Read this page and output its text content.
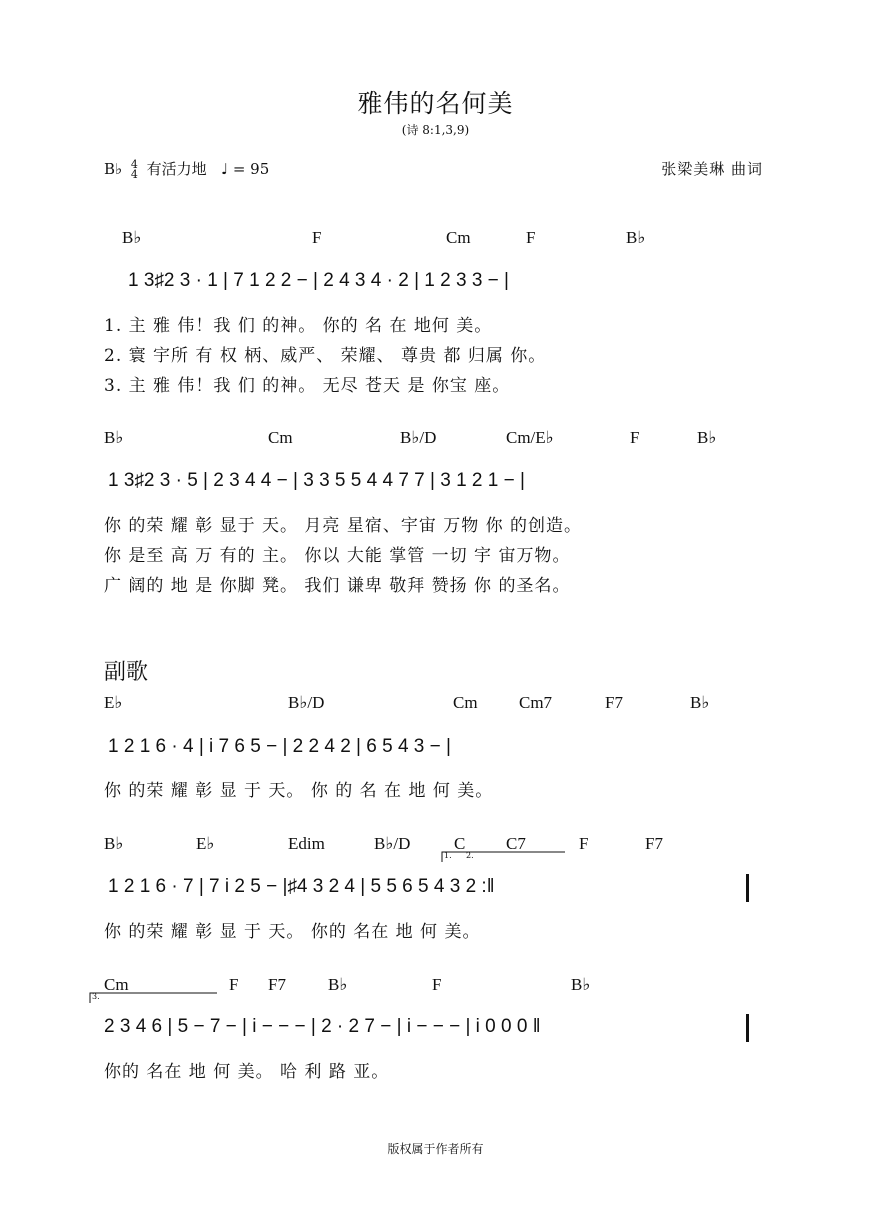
雅伟的名何美
(诗 8:1,3,9)
B♭ 4
4 有活力地 ♩ = 95	张梁美琳 曲词
B♭	F	Cm	F	B♭
1 3♯2 3 · 1 | 7 1 2 2 − | 2 4 3 4 · 2 | 1 2 3 3 − |
1. 主 雅 伟！我 们 的神。 你的 名 在 地何 美。
2. 寰 宇所 有 权 柄、威严、 荣耀、 尊贵 都 归属 你。
3. 主 雅 伟！我 们 的神。 无尽 苍天 是 你宝 座。
B♭	Cm	B♭/D	Cm/E♭	F	B♭
1 3♯2 3 · 5 | 2 3 4 4 − | 3 3 5 5 4 4 7 7 | 3 1 2 1 − |
你 的荣 耀 彰 显于 天。 月亮 星宿、宇宙 万物 你 的创造。
你 是至 高 万 有的 主。 你以 大能 掌管 一切 宇 宙万物。
广 阔的 地 是 你脚 凳。 我们 谦卑 敬拜 赞扬 你 的圣名。
副歌
E♭	B♭/D	Cm Cm7	F7	B♭
1 2 1 6 · 4 | i 7 6 5 − | 2 2 4 2 | 6 5 4 3 − |
你 的荣 耀 彰 显 于 天。 你 的 名 在 地 何 美。
B♭	E♭	Edim	B♭/D	C C7	F	F7
1. 2.
1 2 1 6 · 7 | 7 i 2 5 − |♯4 3 2 4 | 5 5 6 5 4 3 2 :‖
你 的荣 耀 彰 显 于 天。 你的 名在 地 何 美。
Cm	F F7 B♭	F	B♭
3.
2 3 4 6 | 5 − 7 − | i − − − | 2 · 2 7 − | i − − − | i 0 0 0 ‖
你的 名在 地 何 美。 哈 利 路 亚。
版权属于作者所有
